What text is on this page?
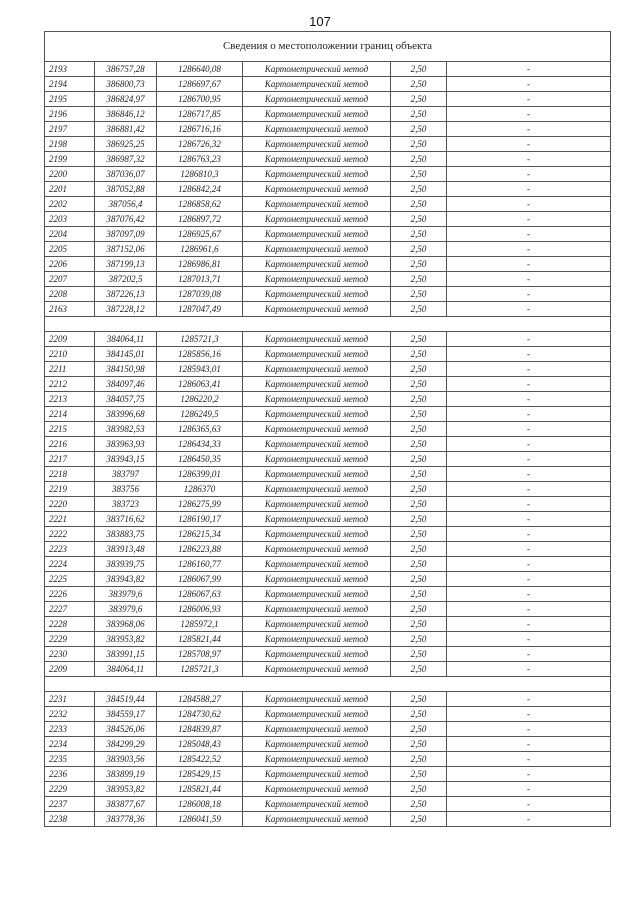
107
Сведения о местоположении границ объекта					
2193	386757,28	1286640,08	Картометрический метод	2,50	-
2194	386800,73	1286697,67	Картометрический метод	2,50	-
2195	386824,97	1286700,95	Картометрический метод	2,50	-
2196	386846,12	1286717,85	Картометрический метод	2,50	-
2197	386881,42	1286716,16	Картометрический метод	2,50	-
2198	386925,25	1286726,32	Картометрический метод	2,50	-
2199	386987,32	1286763,23	Картометрический метод	2,50	-
2200	387036,07	1286810,3	Картометрический метод	2,50	-
2201	387052,88	1286842,24	Картометрический метод	2,50	-
2202	387056,4	1286858,62	Картометрический метод	2,50	-
2203	387076,42	1286897,72	Картометрический метод	2,50	-
2204	387097,09	1286925,67	Картометрический метод	2,50	-
2205	387152,06	1286961,6	Картометрический метод	2,50	-
2206	387199,13	1286986,81	Картометрический метод	2,50	-
2207	387202,5	1287013,71	Картометрический метод	2,50	-
2208	387226,13	1287039,08	Картометрический метод	2,50	-
2163	387228,12	1287047,49	Картометрический метод	2,50	-

2209	384064,11	1285721,3	Картометрический метод	2,50	-
2210	384145,01	1285856,16	Картометрический метод	2,50	-
2211	384150,98	1285943,01	Картометрический метод	2,50	-
2212	384097,46	1286063,41	Картометрический метод	2,50	-
2213	384057,75	1286220,2	Картометрический метод	2,50	-
2214	383996,68	1286249,5	Картометрический метод	2,50	-
2215	383982,53	1286365,63	Картометрический метод	2,50	-
2216	383963,93	1286434,33	Картометрический метод	2,50	-
2217	383943,15	1286450,35	Картометрический метод	2,50	-
2218	383797	1286399,01	Картометрический метод	2,50	-
2219	383756	1286370	Картометрический метод	2,50	-
2220	383723	1286275,99	Картометрический метод	2,50	-
2221	383716,62	1286190,17	Картометрический метод	2,50	-
2222	383883,75	1286215,34	Картометрический метод	2,50	-
2223	383913,48	1286223,88	Картометрический метод	2,50	-
2224	383939,75	1286160,77	Картометрический метод	2,50	-
2225	383943,82	1286067,99	Картометрический метод	2,50	-
2226	383979,6	1286067,63	Картометрический метод	2,50	-
2227	383979,6	1286006,93	Картометрический метод	2,50	-
2228	383968,06	1285972,1	Картометрический метод	2,50	-
2229	383953,82	1285821,44	Картометрический метод	2,50	-
2230	383991,15	1285708,97	Картометрический метод	2,50	-
2209	384064,11	1285721,3	Картометрический метод	2,50	-

2231	384519,44	1284588,27	Картометрический метод	2,50	-
2232	384559,17	1284730,62	Картометрический метод	2,50	-
2233	384526,06	1284839,87	Картометрический метод	2,50	-
2234	384299,29	1285048,43	Картометрический метод	2,50	-
2235	383903,56	1285422,52	Картометрический метод	2,50	-
2236	383899,19	1285429,15	Картометрический метод	2,50	-
2229	383953,82	1285821,44	Картометрический метод	2,50	-
2237	383877,67	1286008,18	Картометрический метод	2,50	-
2238	383778,36	1286041,59	Картометрический метод	2,50	-
